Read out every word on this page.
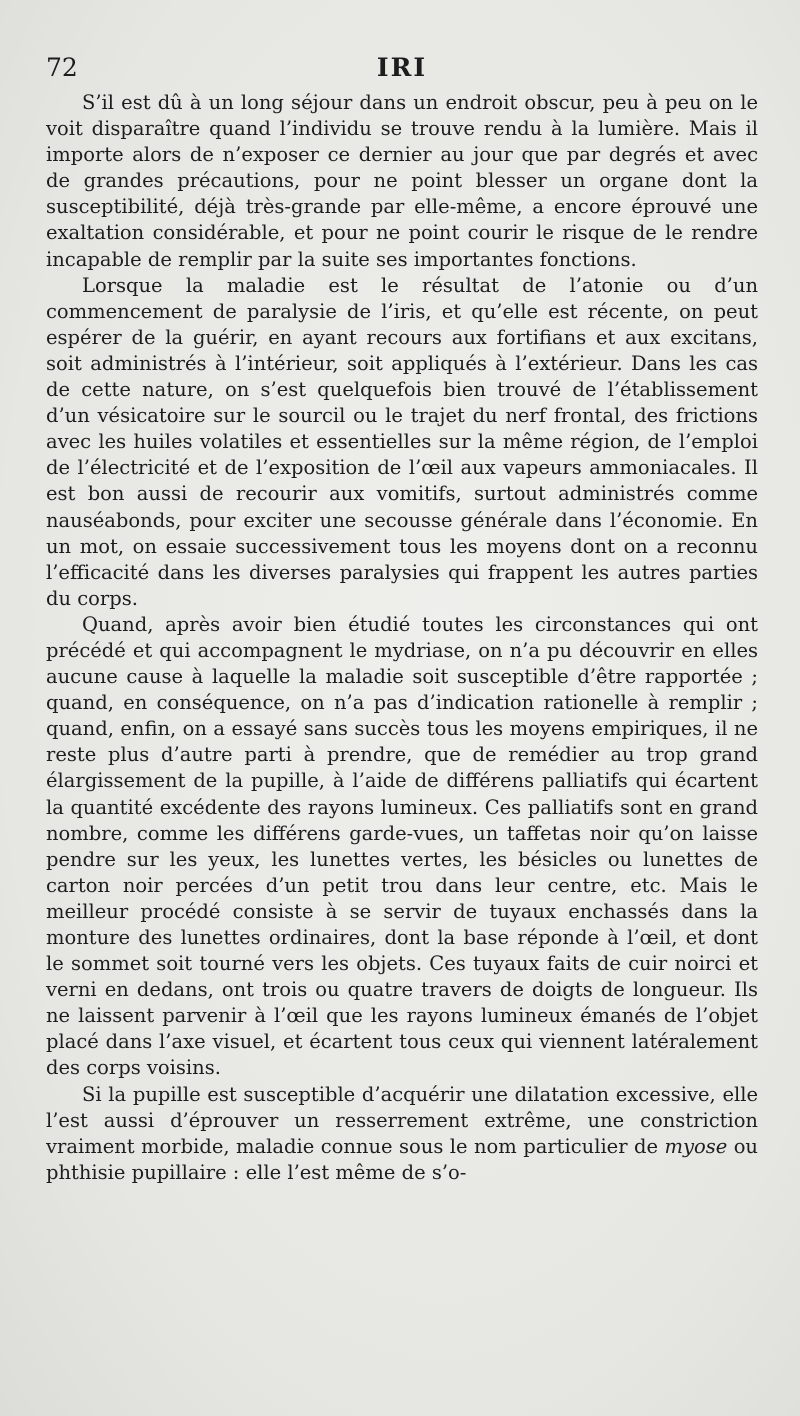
72	IRI

S’il est dû à un long séjour dans un endroit obscur, peu à peu on le voit disparaître quand l’individu se trouve rendu à la lumière. Mais il importe alors de n’exposer ce dernier au jour que par degrés et avec de grandes précautions, pour ne point blesser un organe dont la susceptibilité, déjà très-grande par elle-même, a encore éprouvé une exaltation considérable, et pour ne point courir le risque de le rendre incapable de remplir par la suite ses importantes fonctions.

Lorsque la maladie est le résultat de l’atonie ou d’un commencement de paralysie de l’iris, et qu’elle est récente, on peut espérer de la guérir, en ayant recours aux fortifians et aux excitans, soit administrés à l’intérieur, soit appliqués à l’extérieur. Dans les cas de cette nature, on s’est quelquefois bien trouvé de l’établissement d’un vésicatoire sur le sourcil ou le trajet du nerf frontal, des frictions avec les huiles volatiles et essentielles sur la même région, de l’emploi de l’électricité et de l’exposition de l’œil aux vapeurs ammoniacales. Il est bon aussi de recourir aux vomitifs, surtout administrés comme nauséabonds, pour exciter une secousse générale dans l’économie. En un mot, on essaie successivement tous les moyens dont on a reconnu l’efficacité dans les diverses paralysies qui frappent les autres parties du corps.

Quand, après avoir bien étudié toutes les circonstances qui ont précédé et qui accompagnent le mydriase, on n’a pu découvrir en elles aucune cause à laquelle la maladie soit susceptible d’être rapportée ; quand, en conséquence, on n’a pas d’indication rationelle à remplir ; quand, enfin, on a essayé sans succès tous les moyens empiriques, il ne reste plus d’autre parti à prendre, que de remédier au trop grand élargissement de la pupille, à l’aide de différens palliatifs qui écartent la quantité excédente des rayons lumineux. Ces palliatifs sont en grand nombre, comme les différens garde-vues, un taffetas noir qu’on laisse pendre sur les yeux, les lunettes vertes, les bésicles ou lunettes de carton noir percées d’un petit trou dans leur centre, etc. Mais le meilleur procédé consiste à se servir de tuyaux enchassés dans la monture des lunettes ordinaires, dont la base réponde à l’œil, et dont le sommet soit tourné vers les objets. Ces tuyaux faits de cuir noirci et verni en dedans, ont trois ou quatre travers de doigts de longueur. Ils ne laissent parvenir à l’œil que les rayons lumineux émanés de l’objet placé dans l’axe visuel, et écartent tous ceux qui viennent latéralement des corps voisins.

Si la pupille est susceptible d’acquérir une dilatation excessive, elle l’est aussi d’éprouver un resserrement extrême, une constriction vraiment morbide, maladie connue sous le nom particulier de myose ou phthisie pupillaire : elle l’est même de s’o-
